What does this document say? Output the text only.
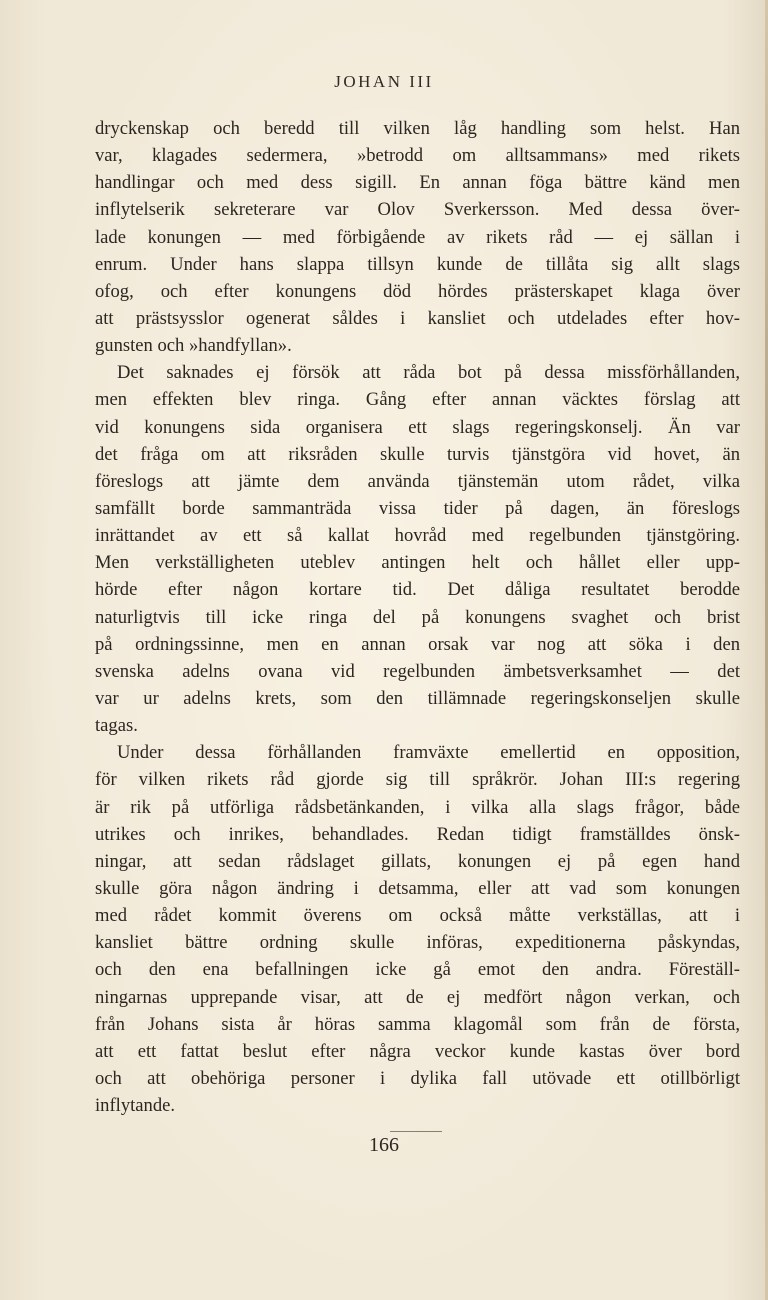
JOHAN III

dryckenskap och beredd till vilken låg handling som helst. Han
var, klagades sedermera, »betrodd om alltsammans» med rikets
handlingar och med dess sigill. En annan föga bättre känd men
inflytelserik sekreterare var Olov Sverkersson. Med dessa över-
lade konungen — med förbigående av rikets råd — ej sällan i
enrum. Under hans slappa tillsyn kunde de tillåta sig allt slags
ofog, och efter konungens död hördes prästerskapet klaga över
att prästsysslor ogenerat såldes i kansliet och utdelades efter hov-
gunsten och »handfyllan».

Det saknades ej försök att råda bot på dessa missförhållanden,
men effekten blev ringa. Gång efter annan väcktes förslag att
vid konungens sida organisera ett slags regeringskonselj. Än var
det fråga om att riksråden skulle turvis tjänstgöra vid hovet, än
föreslogs att jämte dem använda tjänstemän utom rådet, vilka
samfällt borde sammanträda vissa tider på dagen, än föreslogs
inrättandet av ett så kallat hovråd med regelbunden tjänstgöring.
Men verkställigheten uteblev antingen helt och hållet eller upp-
hörde efter någon kortare tid. Det dåliga resultatet berodde
naturligtvis till icke ringa del på konungens svaghet och brist
på ordningssinne, men en annan orsak var nog att söka i den
svenska adelns ovana vid regelbunden ämbetsverksamhet — det
var ur adelns krets, som den tillämnade regeringskonseljen skulle
tagas.

Under dessa förhållanden framväxte emellertid en opposition,
för vilken rikets råd gjorde sig till språkrör. Johan III:s regering
är rik på utförliga rådsbetänkanden, i vilka alla slags frågor, både
utrikes och inrikes, behandlades. Redan tidigt framställdes önsk-
ningar, att sedan rådslaget gillats, konungen ej på egen hand
skulle göra någon ändring i detsamma, eller att vad som konungen
med rådet kommit överens om också måtte verkställas, att i
kansliet bättre ordning skulle införas, expeditionerna påskyndas,
och den ena befallningen icke gå emot den andra. Föreställ-
ningarnas upprepande visar, att de ej medfört någon verkan, och
från Johans sista år höras samma klagomål som från de första,
att ett fattat beslut efter några veckor kunde kastas över bord
och att obehöriga personer i dylika fall utövade ett otillbörligt
inflytande.

166
